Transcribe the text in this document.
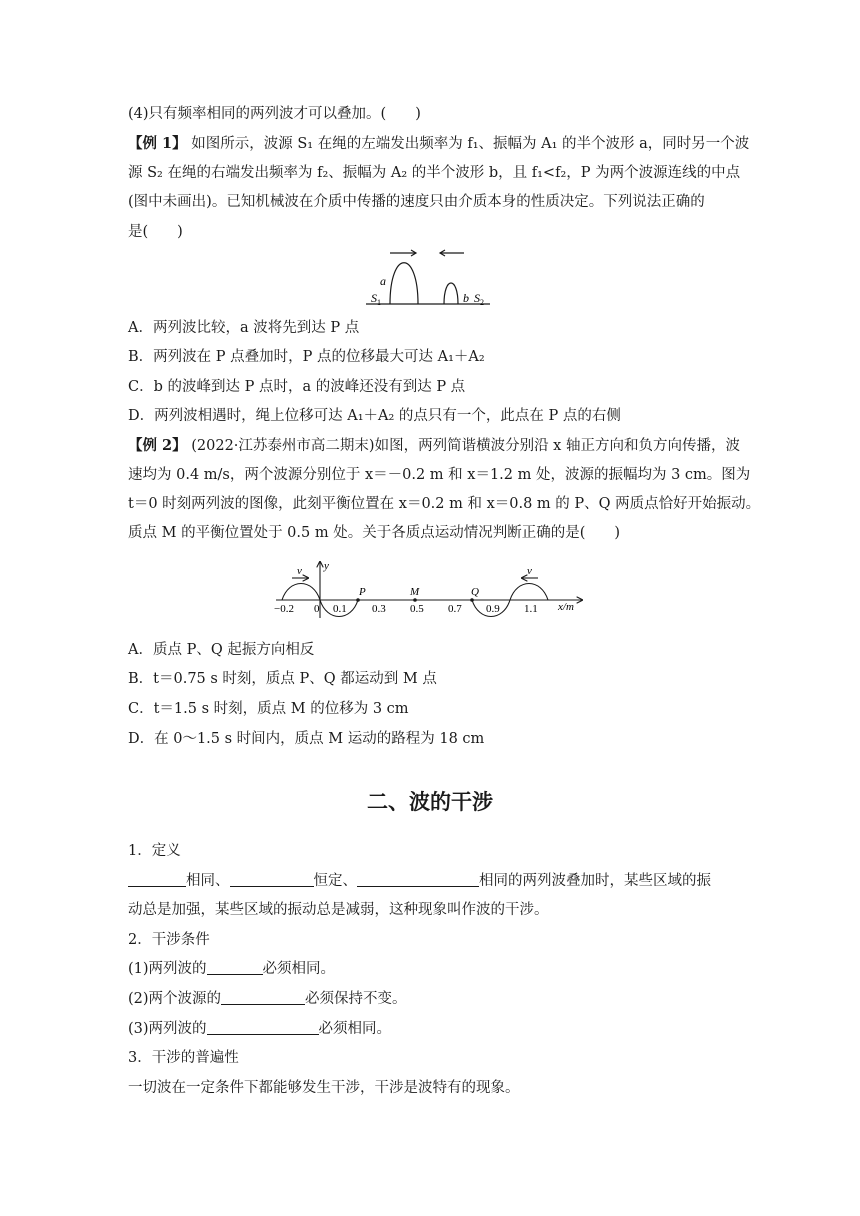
(4)只有频率相同的两列波才可以叠加。(　　)
【例 1】 如图所示，波源 S₁ 在绳的左端发出频率为 f₁、振幅为 A₁ 的半个波形 a，同时另一个波
源 S₂ 在绳的右端发出频率为 f₂、振幅为 A₂ 的半个波形 b，且 f₁<f₂，P 为两个波源连线的中点
(图中未画出)。已知机械波在介质中传播的速度只由介质本身的性质决定。下列说法正确的
是(　　)
a
$S_1$	b $S_2$
A．两列波比较，a 波将先到达 P 点
B．两列波在 P 点叠加时，P 点的位移最大可达 A₁＋A₂
C．b 的波峰到达 P 点时，a 的波峰还没有到达 P 点
D．两列波相遇时，绳上位移可达 A₁＋A₂ 的点只有一个，此点在 P 点的右侧
【例 2】 (2022·江苏泰州市高二期末)如图，两列简谐横波分别沿 x 轴正方向和负方向传播，波
速均为 0.4 m/s，两个波源分别位于 x＝－0.2 m 和 x＝1.2 m 处，波源的振幅均为 3 cm。图为
t＝0 时刻两列波的图像，此刻平衡位置在 x＝0.2 m 和 x＝0.8 m 的 P、Q 两质点恰好开始振动。
质点 M 的平衡位置处于 0.5 m 处。关于各质点运动情况判断正确的是(　　)
−0.2 0 0.1 0.3 0.5 0.7 0.9 1.1 x/m
y
v	v
P	M	Q
A．质点 P、Q 起振方向相反
B．t＝0.75 s 时刻，质点 P、Q 都运动到 M 点
C．t＝1.5 s 时刻，质点 M 的位移为 3 cm
D．在 0～1.5 s 时间内，质点 M 运动的路程为 18 cm
二、波的干涉
1．定义
相同、	恒定、	相同的两列波叠加时，某些区域的振
动总是加强，某些区域的振动总是减弱，这种现象叫作波的干涉。
2．干涉条件
(1)两列波的	必须相同。
(2)两个波源的	必须保持不变。
(3)两列波的	必须相同。
3．干涉的普遍性
一切波在一定条件下都能够发生干涉，干涉是波特有的现象。
